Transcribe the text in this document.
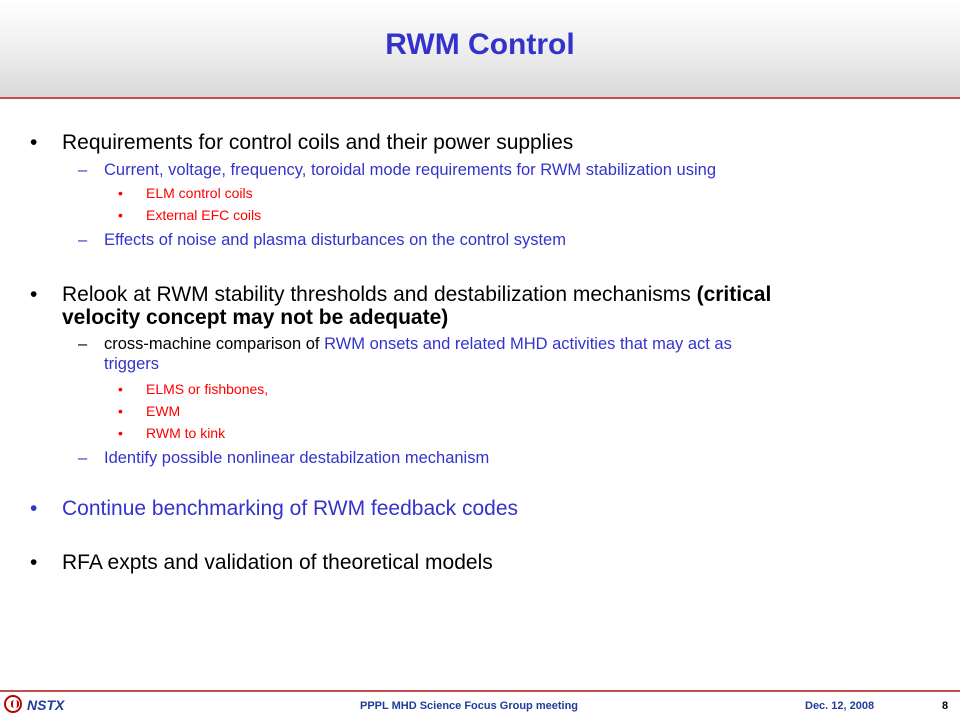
RWM Control
• Requirements for control coils and their power supplies
– Current, voltage, frequency, toroidal mode requirements for RWM stabilization using
• ELM control coils
• External EFC coils
– Effects of noise and plasma disturbances on the control system
• Relook at RWM stability thresholds and destabilization mechanisms (critical
velocity concept may not be adequate)
– cross-machine comparison of RWM onsets and related MHD activities that may act as
triggers
• ELMS or fishbones,
• EWM
• RWM to kink
– Identify possible nonlinear destabilzation mechanism
• Continue benchmarking of RWM feedback codes
• RFA expts and validation of theoretical models
NSTX	PPPL MHD Science Focus Group meeting	Dec. 12, 2008	8
